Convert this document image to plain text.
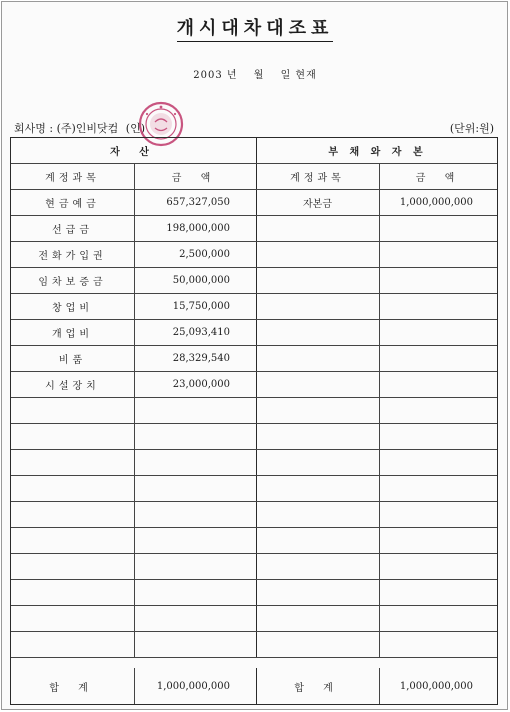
개시대차대조표
2003 년 월 일 현재
회사명 : (주)인비닷컴 (인)	(단위:원)
자 산	부 채 와 자 본
계정과목	금 액	계정과목	금 액
현금예금	657,327,050	자본금	1,000,000,000
선급금	198,000,000
전화가입권	2,500,000
임차보증금	50,000,000
창업비	15,750,000
개업비	25,093,410
비품	28,329,540
시설장치	23,000,000
합 계	1,000,000,000	합 계	1,000,000,000
